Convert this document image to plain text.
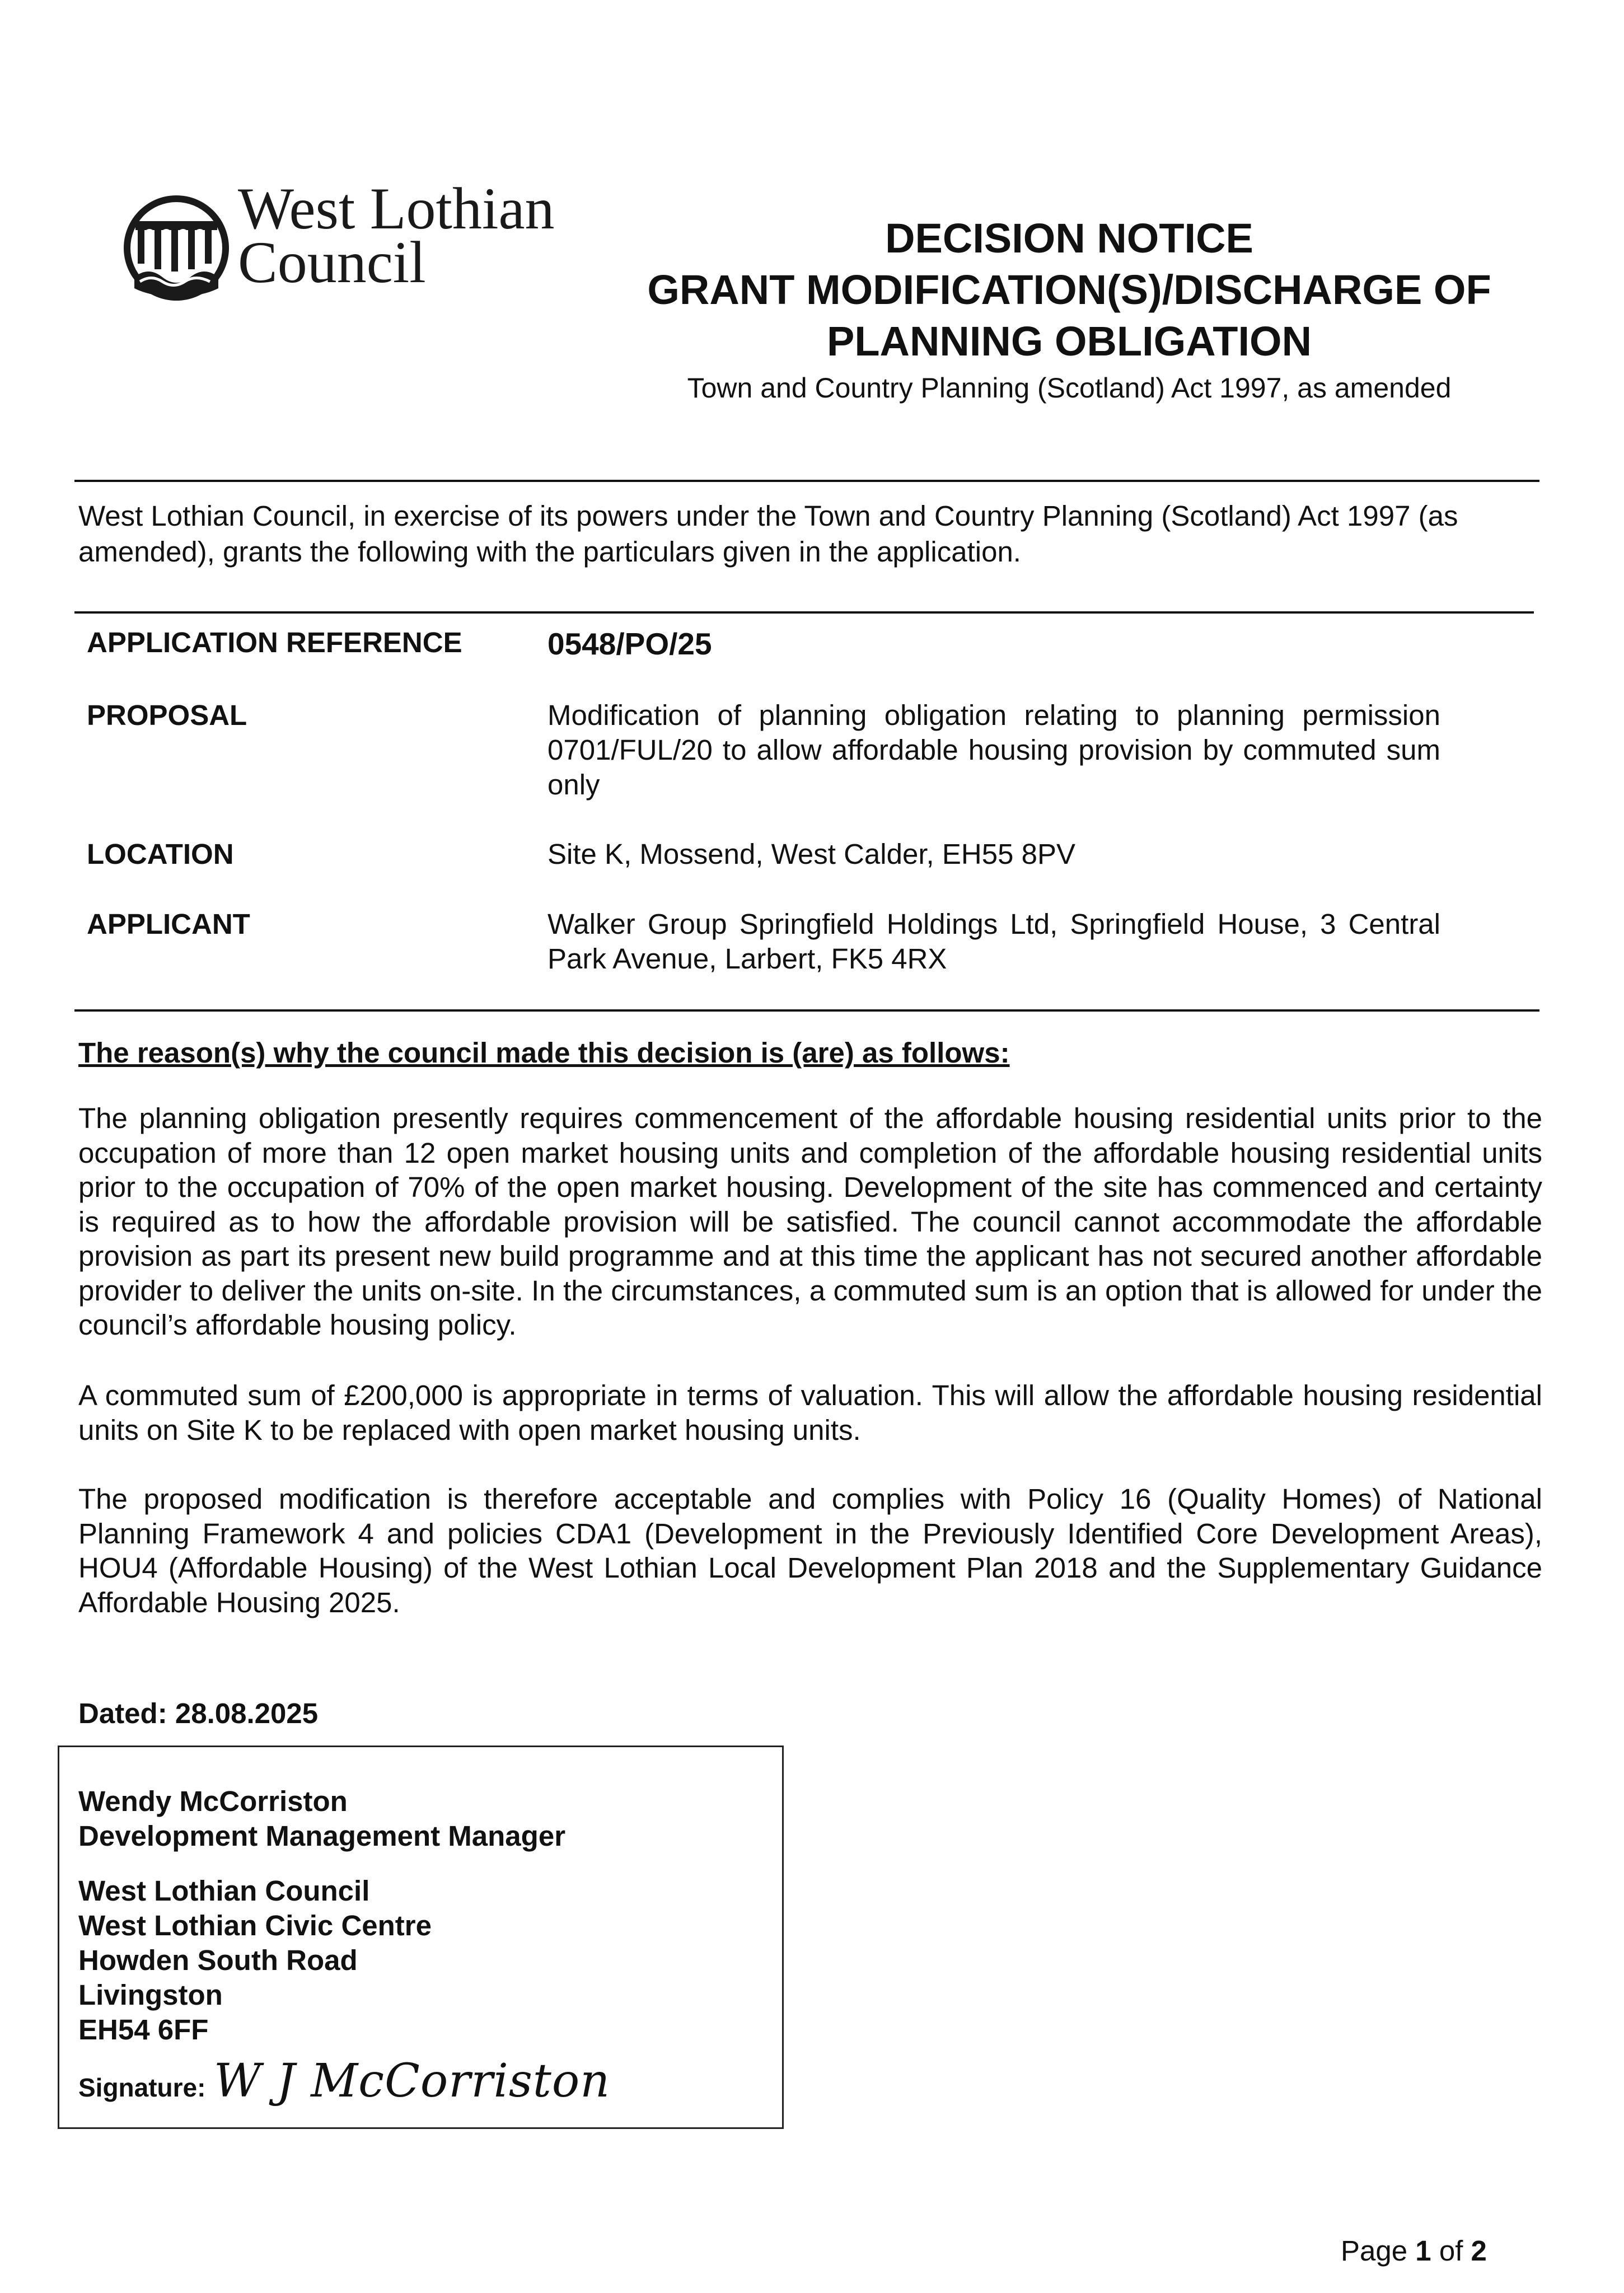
West Lothian
Council	DECISION NOTICE
GRANT MODIFICATION(S)/DISCHARGE OF
PLANNING OBLIGATION
Town and Country Planning (Scotland) Act 1997, as amended
West Lothian Council, in exercise of its powers under the Town and Country Planning (Scotland) Act 1997 (as amended), grants the following with the particulars given in the application.
APPLICATION REFERENCE	0548/PO/25
PROPOSAL	Modification of planning obligation relating to planning permission 0701/FUL/20 to allow affordable housing provision by commuted sum only
LOCATION	Site K, Mossend, West Calder, EH55 8PV
APPLICANT	Walker Group Springfield Holdings Ltd, Springfield House, 3 Central Park Avenue, Larbert, FK5 4RX
The reason(s) why the council made this decision is (are) as follows:
The planning obligation presently requires commencement of the affordable housing residential units prior to the occupation of more than 12 open market housing units and completion of the affordable housing residential units prior to the occupation of 70% of the open market housing. Development of the site has commenced and certainty is required as to how the affordable provision will be satisfied. The council cannot accommodate the affordable provision as part its present new build programme and at this time the applicant has not secured another affordable provider to deliver the units on-site. In the circumstances, a commuted sum is an option that is allowed for under the council’s affordable housing policy.
A commuted sum of £200,000 is appropriate in terms of valuation. This will allow the affordable housing residential units on Site K to be replaced with open market housing units.
The proposed modification is therefore acceptable and complies with Policy 16 (Quality Homes) of National Planning Framework 4 and policies CDA1 (Development in the Previously Identified Core Development Areas), HOU4 (Affordable Housing) of the West Lothian Local Development Plan 2018 and the Supplementary Guidance Affordable Housing 2025.
Dated: 28.08.2025
Wendy McCorriston
Development Management Manager
West Lothian Council
West Lothian Civic Centre
Howden South Road
Livingston
EH54 6FF
Signature: W J McCorriston
Page 1 of 2
